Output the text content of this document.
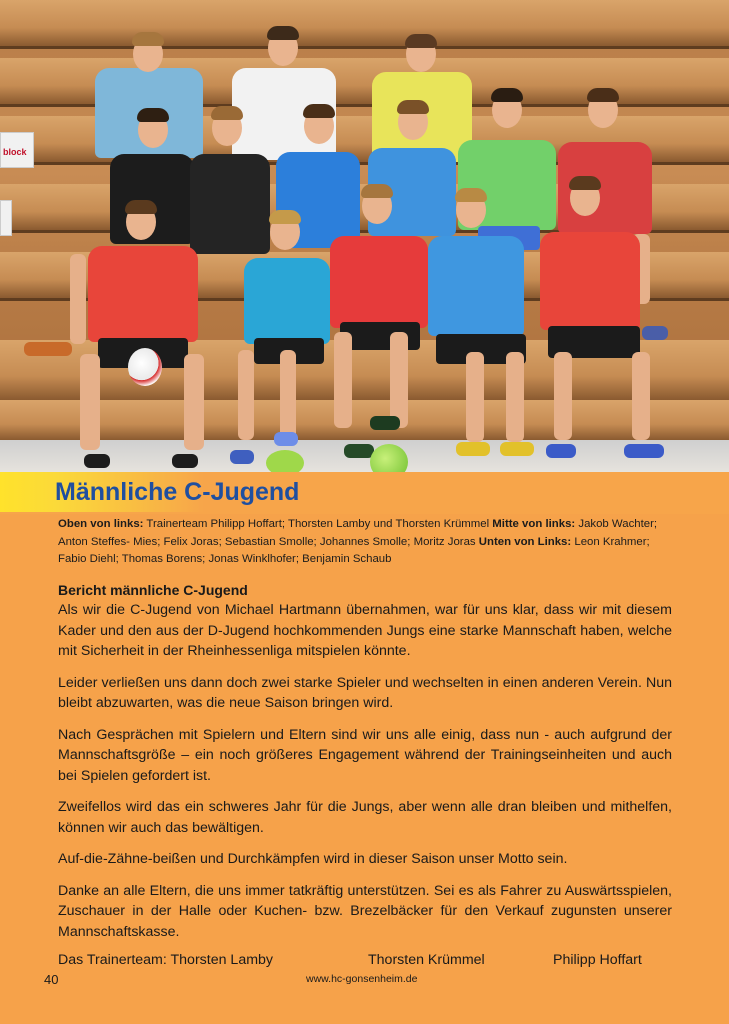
block
Männliche C-Jugend

Oben von links: Trainerteam Philipp Hoffart; Thorsten Lamby und Thorsten Krümmel Mitte von links: Jakob Wachter; Anton Steffes- Mies; Felix Joras; Sebastian Smolle; Johannes Smolle; Moritz Joras Unten von Links: Leon Krahmer; Fabio Diehl; Thomas Borens; Jonas Winklhofer; Benjamin Schaub

Bericht männliche C-Jugend

Als wir die C-Jugend von Michael Hartmann übernahmen, war für uns klar, dass wir mit diesem Kader und den aus der D-Jugend hochkommenden Jungs eine starke Mannschaft haben, welche mit Sicherheit in der Rheinhessenliga mitspielen könnte.

Leider verließen uns dann doch zwei starke Spieler und wechselten in einen anderen Verein. Nun bleibt abzuwarten, was die neue Saison bringen wird.

Nach Gesprächen mit Spielern und Eltern sind wir uns alle einig, dass nun - auch aufgrund der Mannschaftsgröße – ein noch größeres Engagement während der Trainingseinheiten und auch bei Spielen gefordert ist.

Zweifellos wird das ein schweres Jahr für die Jungs, aber wenn alle dran bleiben und mithelfen, können wir auch das bewältigen.

Auf-die-Zähne-beißen und Durchkämpfen wird in dieser Saison unser Motto sein.

Danke an alle Eltern, die uns immer tatkräftig unterstützen. Sei es als Fahrer zu Auswärtsspielen, Zuschauer in der Halle oder Kuchen- bzw. Brezelbäcker für den Verkauf zugunsten unserer Mannschaftskasse.

Das Trainerteam: Thorsten Lamby	Thorsten Krümmel	Philipp Hoffart
40	www.hc-gonsenheim.de
